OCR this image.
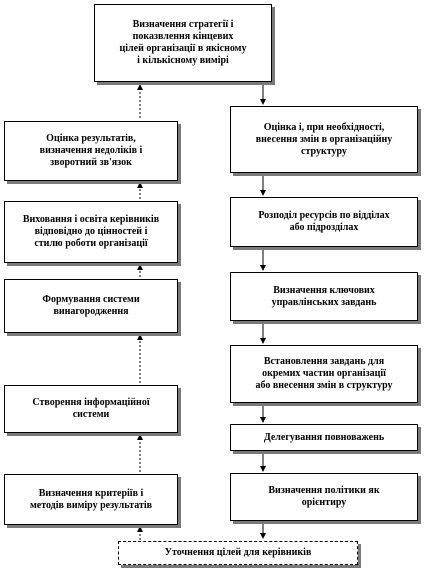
Визначення стратегії і
показвлення кінцевих
цілей організації в якісному
і кількісному вимірі
Оцінка результатів,
визначення недоліків і
зворотний зв'язок
Виховання і освіта керівників
відповідно до цінностей і
стилю роботи організації
Формування системи
винагородження
Створення інформаційної
системи
Визначення критеріїв і
методів виміру результатів
Оцінка і, при необхідності,
внесення змін в організаційну
структуру
Розподіл ресурсів по відділах
або підрозділах
Визначення ключових
управлінських завдань
Встановлення завдань для
окремих частин організації
або внесення змін в структуру
Делегування повноважень
Визначення політики як
орієнтиру
Уточнення цілей для керівників
